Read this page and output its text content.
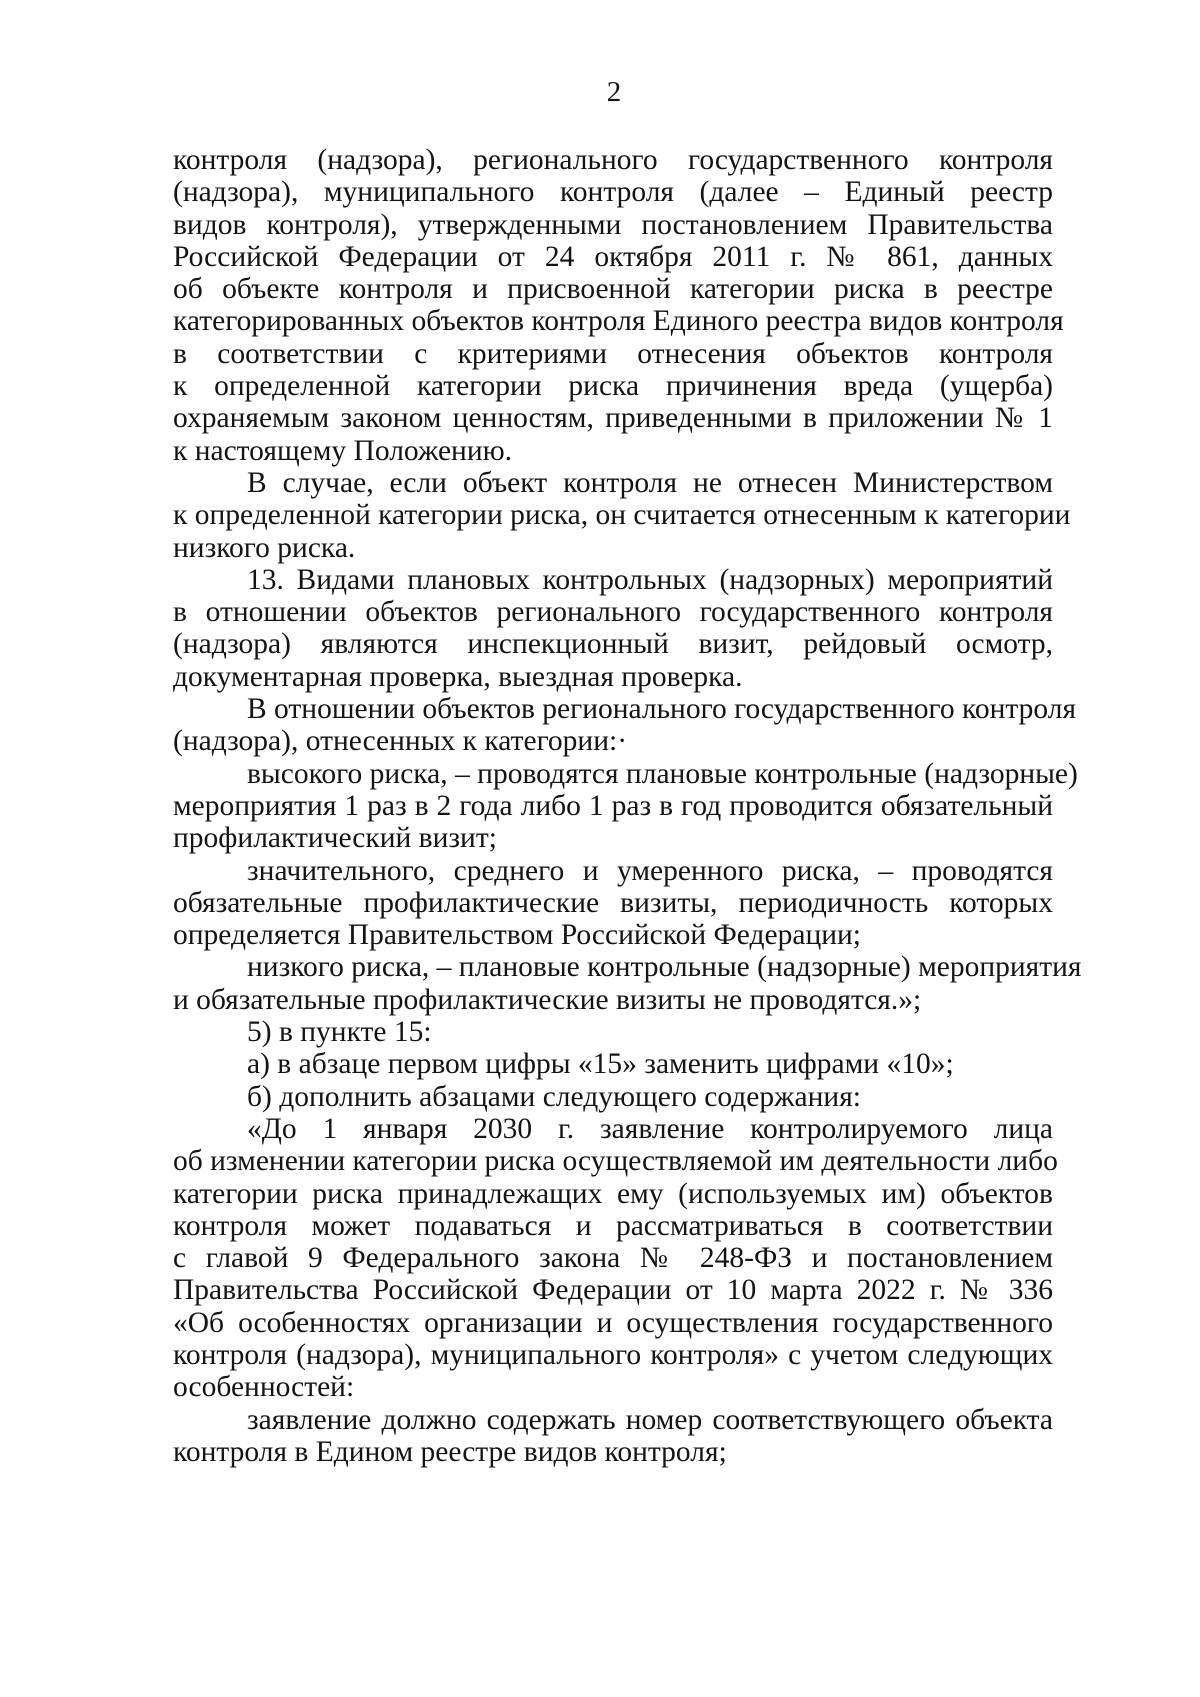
2
контроля (надзора), регионального государственного контроля
(надзора), муниципального контроля (далее – Единый реестр
видов контроля), утвержденными постановлением Правительства
Российской Федерации от 24 октября 2011 г. № 861, данных
об объекте контроля и присвоенной категории риска в реестре
категорированных объектов контроля Единого реестра видов контроля
в соответствии с критериями отнесения объектов контроля
к определенной категории риска причинения вреда (ущерба)
охраняемым законом ценностям, приведенными в приложении № 1
к настоящему Положению.
В случае, если объект контроля не отнесен Министерством
к определенной категории риска, он считается отнесенным к категории
низкого риска.
13. Видами плановых контрольных (надзорных) мероприятий
в отношении объектов регионального государственного контроля
(надзора) являются инспекционный визит, рейдовый осмотр,
документарная проверка, выездная проверка.
В отношении объектов регионального государственного контроля
(надзора), отнесенных к категории:·
высокого риска, – проводятся плановые контрольные (надзорные)
мероприятия 1 раз в 2 года либо 1 раз в год проводится обязательный
профилактический визит;
значительного, среднего и умеренного риска, – проводятся
обязательные профилактические визиты, периодичность которых
определяется Правительством Российской Федерации;
низкого риска, – плановые контрольные (надзорные) мероприятия
и обязательные профилактические визиты не проводятся.»;
5) в пункте 15:
а) в абзаце первом цифры «15» заменить цифрами «10»;
б) дополнить абзацами следующего содержания:
«До 1 января 2030 г. заявление контролируемого лица
об изменении категории риска осуществляемой им деятельности либо
категории риска принадлежащих ему (используемых им) объектов
контроля может подаваться и рассматриваться в соответствии
с главой 9 Федерального закона № 248-ФЗ и постановлением
Правительства Российской Федерации от 10 марта 2022 г. № 336
«Об особенностях организации и осуществления государственного
контроля (надзора), муниципального контроля» с учетом следующих
особенностей:
заявление должно содержать номер соответствующего объекта
контроля в Едином реестре видов контроля;
